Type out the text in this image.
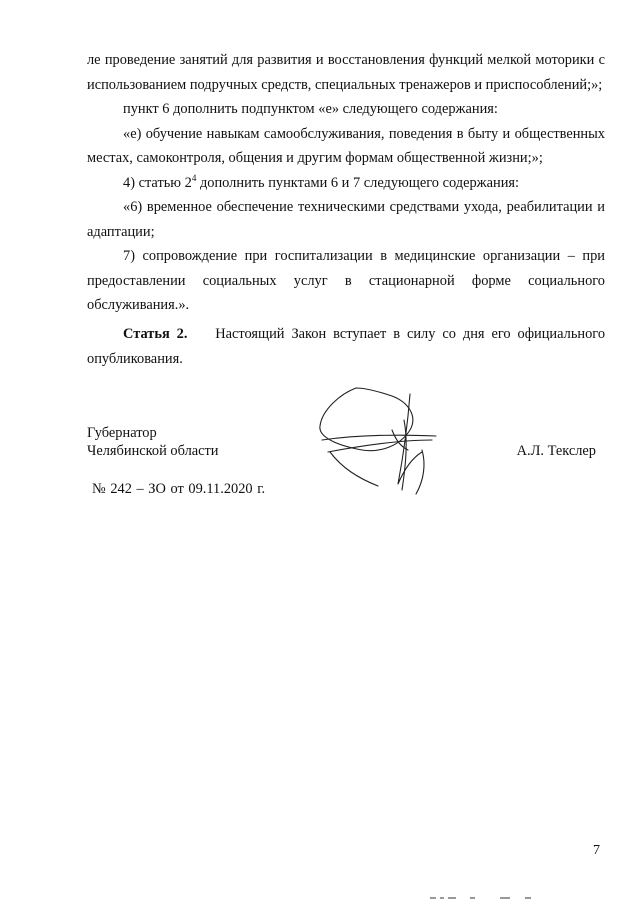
ле проведение занятий для развития и восстановления функций мелкой моторики с использованием подручных средств, специальных тренажеров и приспособлений;»;

пункт 6 дополнить подпунктом «е» следующего содержания:

«е) обучение навыкам самообслуживания, поведения в быту и общественных местах, самоконтроля, общения и другим формам общественной жизни;»;

4) статью $2^4$ дополнить пунктами 6 и 7 следующего содержания:

«6) временное обеспечение техническими средствами ухода, реабилитации и адаптации;

7) сопровождение при госпитализации в медицинские организации – при предоставлении социальных услуг в стационарной форме социального обслуживания.».

Статья 2. Настоящий Закон вступает в силу со дня его официального опубликования.

Губернатор
Челябинской области	А.Л. Текслер
№ 242 – ЗО от 09.11.2020 г.
7
